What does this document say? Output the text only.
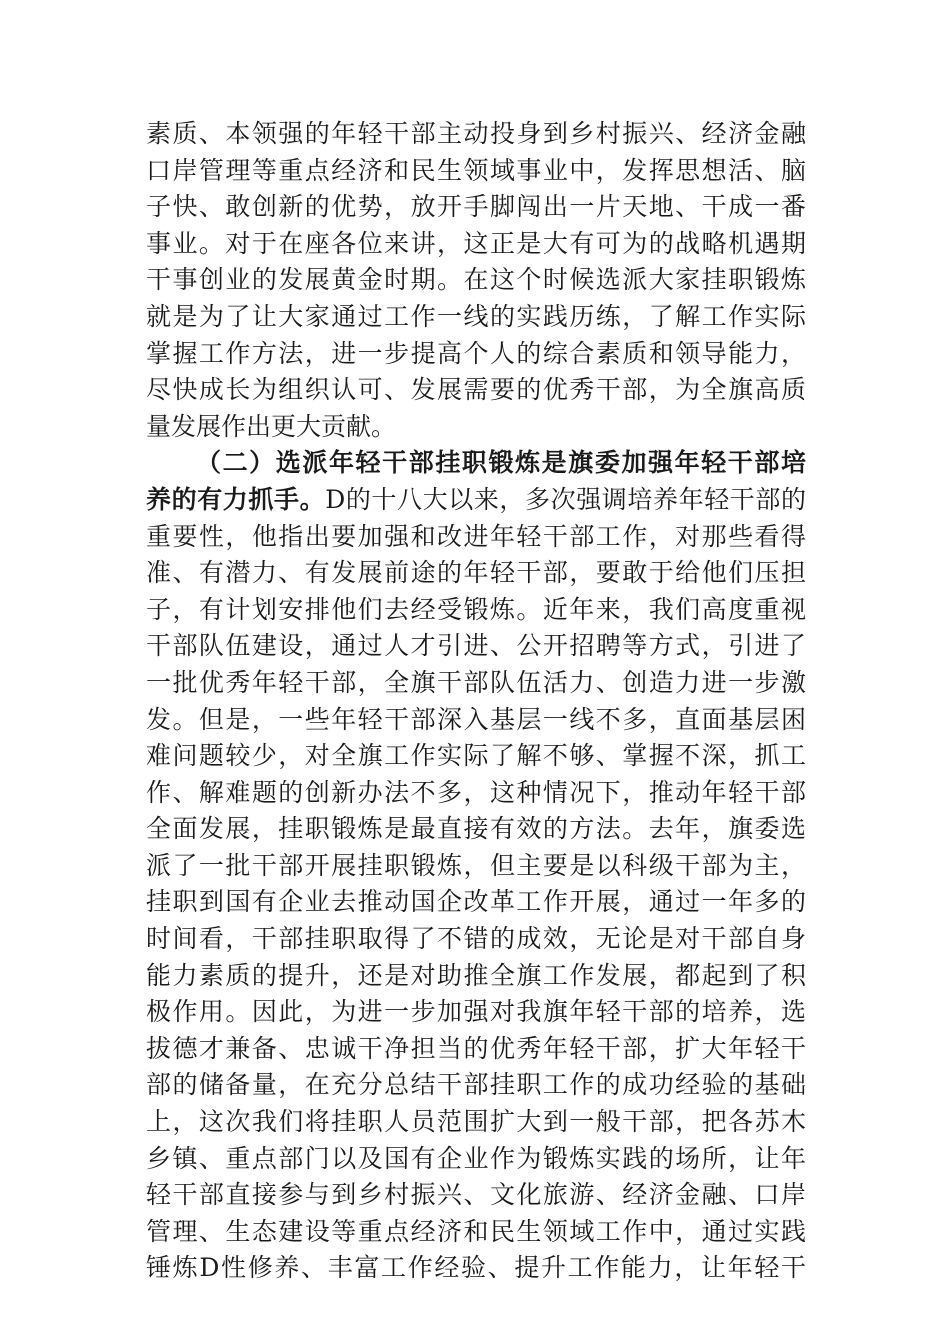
素质、本领强的年轻干部主动投身到乡村振兴、经济金融
口岸管理等重点经济和民生领域事业中，发挥思想活、脑
子快、敢创新的优势，放开手脚闯出一片天地、干成一番
事业。对于在座各位来讲，这正是大有可为的战略机遇期
干事创业的发展黄金时期。在这个时候选派大家挂职锻炼
就是为了让大家通过工作一线的实践历练，了解工作实际
掌握工作方法，进一步提高个人的综合素质和领导能力，
尽快成长为组织认可、发展需要的优秀干部，为全旗高质
量发展作出更大贡献。
（二）选派年轻干部挂职锻炼是旗委加强年轻干部培
养的有力抓手。D的十八大以来，多次强调培养年轻干部的
重要性，他指出要加强和改进年轻干部工作，对那些看得
准、有潜力、有发展前途的年轻干部，要敢于给他们压担
子，有计划安排他们去经受锻炼。近年来，我们高度重视
干部队伍建设，通过人才引进、公开招聘等方式，引进了
一批优秀年轻干部，全旗干部队伍活力、创造力进一步激
发。但是，一些年轻干部深入基层一线不多，直面基层困
难问题较少，对全旗工作实际了解不够、掌握不深，抓工
作、解难题的创新办法不多，这种情况下，推动年轻干部
全面发展，挂职锻炼是最直接有效的方法。去年，旗委选
派了一批干部开展挂职锻炼，但主要是以科级干部为主，
挂职到国有企业去推动国企改革工作开展，通过一年多的
时间看，干部挂职取得了不错的成效，无论是对干部自身
能力素质的提升，还是对助推全旗工作发展，都起到了积
极作用。因此，为进一步加强对我旗年轻干部的培养，选
拔德才兼备、忠诚干净担当的优秀年轻干部，扩大年轻干
部的储备量，在充分总结干部挂职工作的成功经验的基础
上，这次我们将挂职人员范围扩大到一般干部，把各苏木
乡镇、重点部门以及国有企业作为锻炼实践的场所，让年
轻干部直接参与到乡村振兴、文化旅游、经济金融、口岸
管理、生态建设等重点经济和民生领域工作中，通过实践
锤炼D性修养、丰富工作经验、提升工作能力，让年轻干
